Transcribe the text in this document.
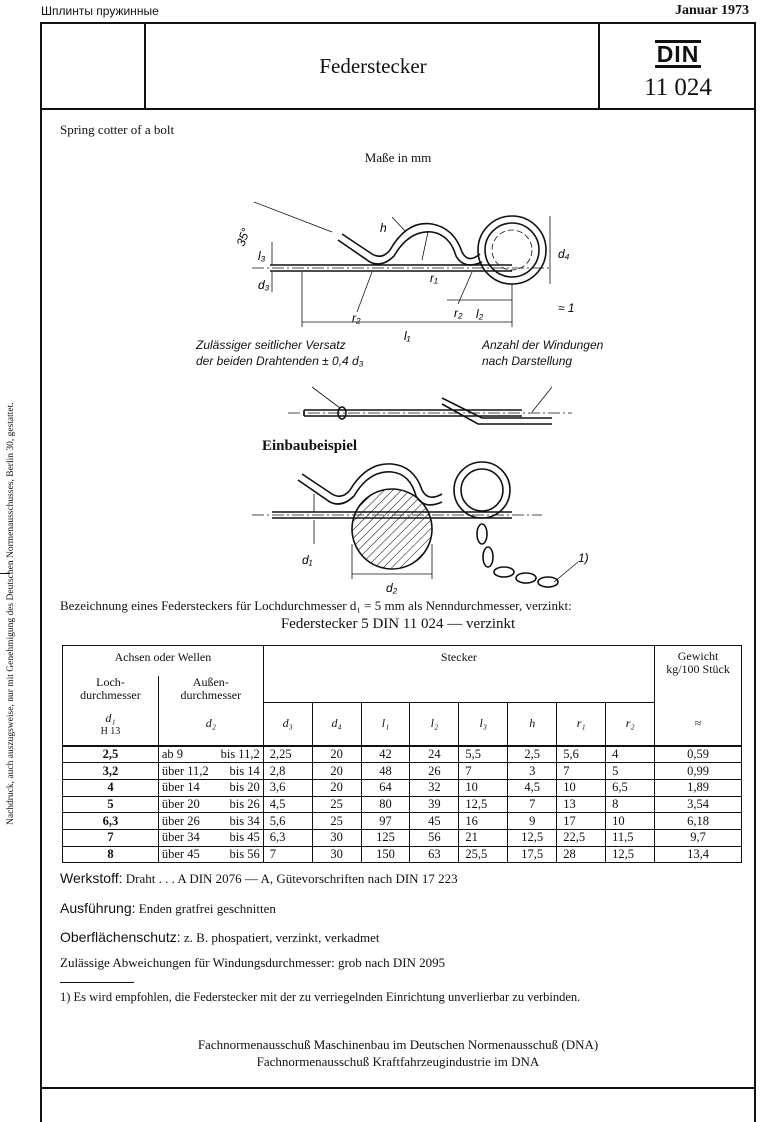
Шплинты пружинные	Januar 1973
Nachdruck, auch auszugsweise, nur mit Genehmigung des Deutschen Normenausschusses, Berlin 30, gestattet.
Federstecker	DIN
11 024
Spring cotter of a bolt
Maße in mm
35°	h
l₃
d₃	r₁
r₂	r₂ l₂
l₁
d₄
≈ 1
Zulässiger seitlicher Versatz
der beiden Drahtenden ± 0,4 d₃
Anzahl der Windungen
nach Darstellung
Einbaubeispiel
d₁
d₂
1)
Bezeichnung eines Federsteckers für Lochdurchmesser d₁ = 5 mm als Nenndurchmesser, verzinkt:
Federstecker 5 DIN 11 024 — verzinkt
Achsen oder Wellen		Stecker								Gewicht
kg/100 Stück
Loch-
durchmesser	Außen-
durchmesser									

d₁
H 13	d₂	d₃	d₄	l₁	l₂	l₃	h	r₁	r₂	≈
2,5	ab 9 bis 11,2	2,25	20	42	24	5,5	2,5	5,6	4	0,59
3,2	über 11,2 bis 14	2,8	20	48	26	7	3	7	5	0,99
4	über 14 bis 20	3,6	20	64	32	10	4,5	10	6,5	1,89
5	über 20 bis 26	4,5	25	80	39	12,5	7	13	8	3,54
6,3	über 26 bis 34	5,6	25	97	45	16	9	17	10	6,18
7	über 34 bis 45	6,3	30	125	56	21	12,5	22,5	11,5	9,7
8	über 45 bis 56	7	30	150	63	25,5	17,5	28	12,5	13,4
Werkstoff: Draht . . . A DIN 2076 — A, Gütevorschriften nach DIN 17 223
Ausführung: Enden gratfrei geschnitten
Oberflächenschutz: z. B. phospatiert, verzinkt, verkadmet
Zulässige Abweichungen für Windungsdurchmesser: grob nach DIN 2095
1) Es wird empfohlen, die Federstecker mit der zu verriegelnden Einrichtung unverlierbar zu verbinden.
Fachnormenausschuß Maschinenbau im Deutschen Normenausschuß (DNA)
Fachnormenausschuß Kraftfahrzeugindustrie im DNA
